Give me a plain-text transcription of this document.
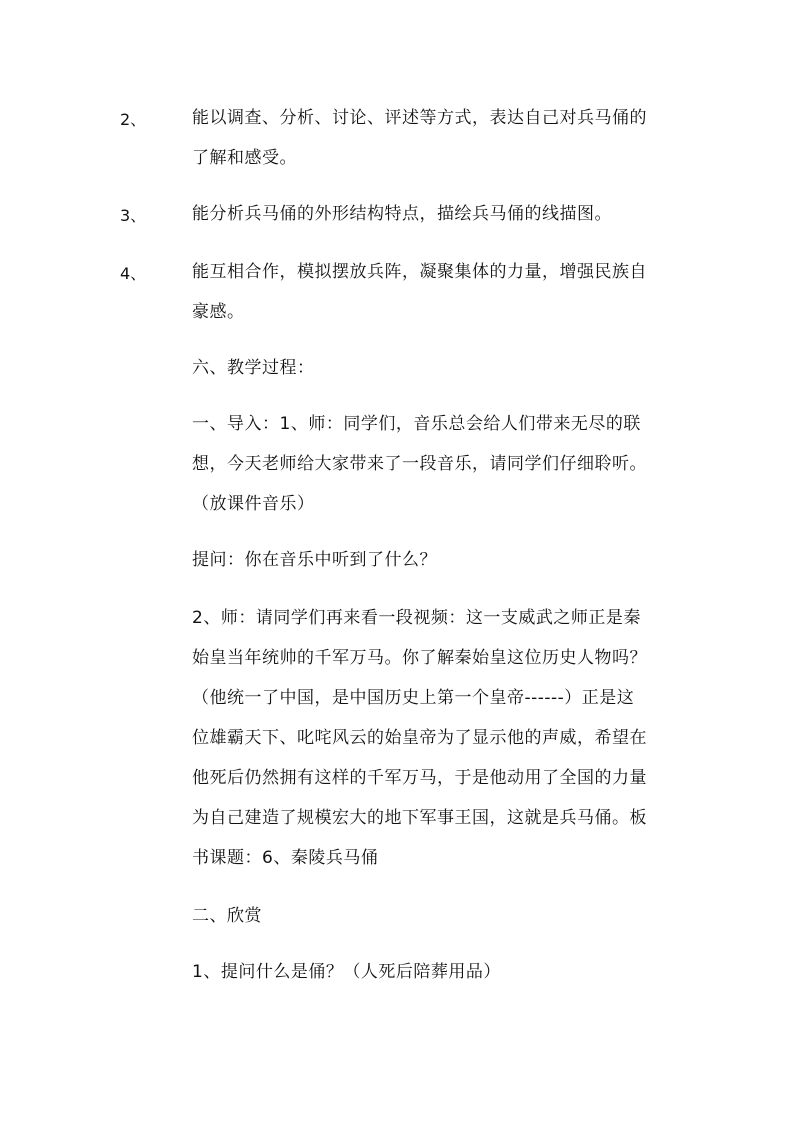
2、	能以调查、分析、讨论、评述等方式，表达自己对兵马俑的
了解和感受。
3、	能分析兵马俑的外形结构特点，描绘兵马俑的线描图。
4、	能互相合作，模拟摆放兵阵，凝聚集体的力量，增强民族自
豪感。
六、教学过程：
一、导入：1、师：同学们，音乐总会给人们带来无尽的联
想，今天老师给大家带来了一段音乐，请同学们仔细聆听。
（放课件音乐）
提问：你在音乐中听到了什么？
2、师：请同学们再来看一段视频：这一支威武之师正是秦
始皇当年统帅的千军万马。你了解秦始皇这位历史人物吗？
（他统一了中国，是中国历史上第一个皇帝------）正是这
位雄霸天下、叱咤风云的始皇帝为了显示他的声威，希望在
他死后仍然拥有这样的千军万马，于是他动用了全国的力量
为自己建造了规模宏大的地下军事王国，这就是兵马俑。板
书课题：6、秦陵兵马俑
二、欣赏
1、提问什么是俑？（人死后陪葬用品）
